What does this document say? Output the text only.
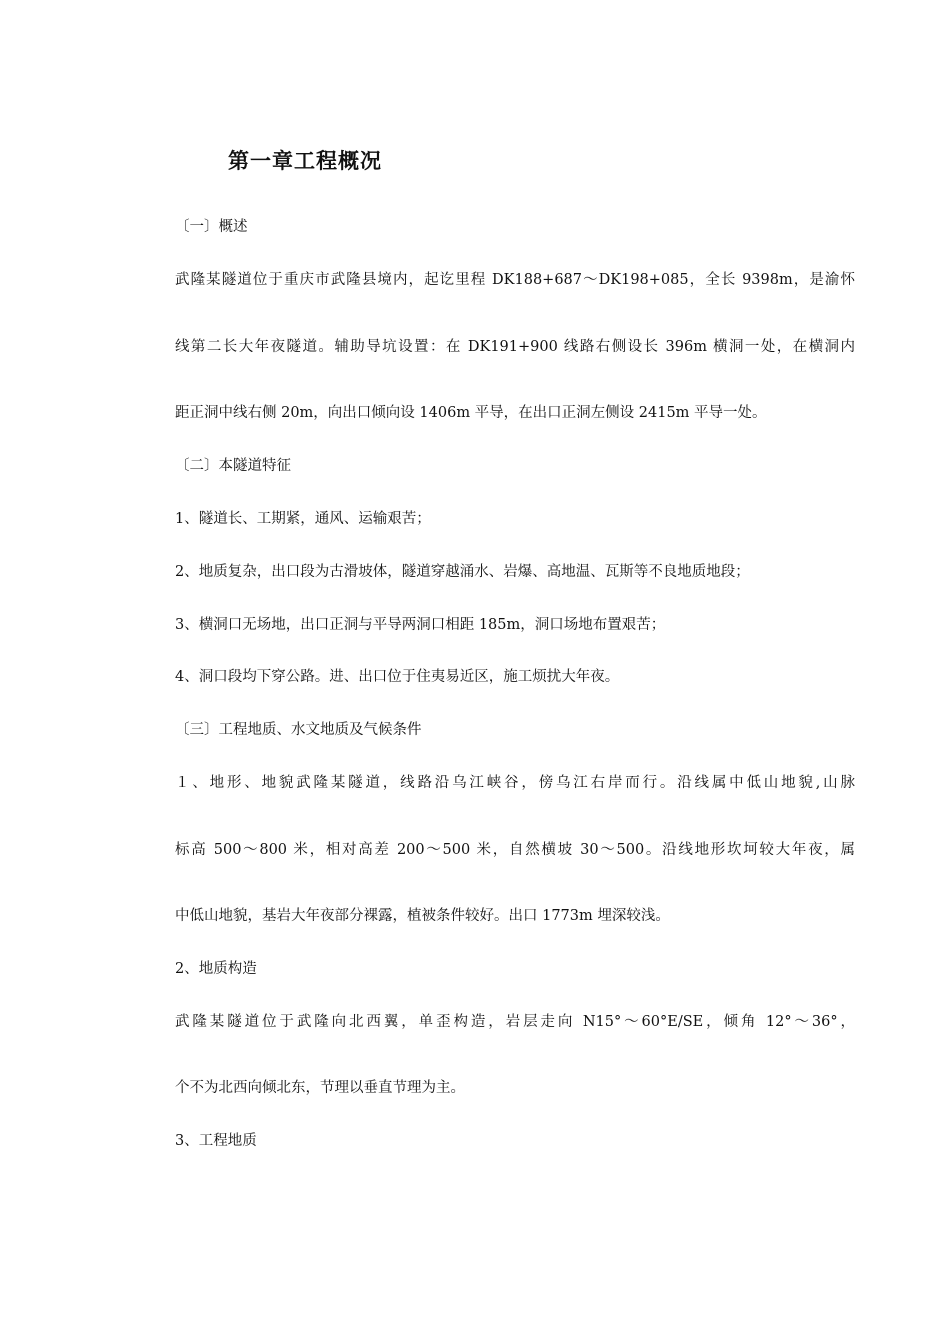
第一章工程概况
〔一〕概述
武隆某隧道位于重庆市武隆县境内，起讫里程 DK188+687～DK198+085，全长 9398m，是渝怀
线第二长大年夜隧道。辅助导坑设置：在 DK191+900 线路右侧设长 396m 横洞一处，在横洞内
距正洞中线右侧 20m，向出口倾向设 1406m 平导，在出口正洞左侧设 2415m 平导一处。
〔二〕本隧道特征
1、隧道长、工期紧，通风、运输艰苦；
2、地质复杂，出口段为古滑坡体，隧道穿越涌水、岩爆、高地温、瓦斯等不良地质地段；
3、横洞口无场地，出口正洞与平导两洞口相距 185m，洞口场地布置艰苦；
4、洞口段均下穿公路。进、出口位于住夷易近区，施工烦扰大年夜。
〔三〕工程地质、水文地质及气候条件
１、地形、地貌武隆某隧道，线路沿乌江峡谷，傍乌江右岸而行。沿线属中低山地貌,山脉
标高 500～800 米，相对高差 200～500 米，自然横坡 30～500。沿线地形坎坷较大年夜，属
中低山地貌，基岩大年夜部分裸露，植被条件较好。出口 1773m 埋深较浅。
2、地质构造
武隆某隧道位于武隆向北西翼，单歪构造，岩层走向 N15°～60°E/SE，倾角 12°～36°，
个不为北西向倾北东，节理以垂直节理为主。
3、工程地质
